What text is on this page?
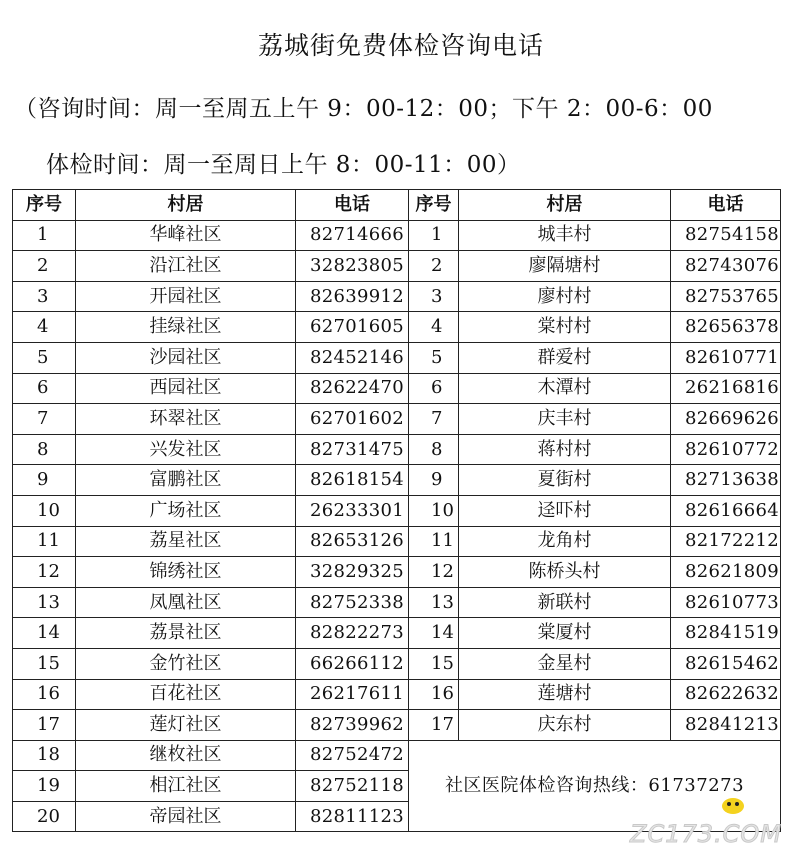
荔城街免费体检咨询电话
（咨询时间：周一至周五上午 9：00-12：00；下午 2：00-6：00
体检时间：周一至周日上午 8：00-11：00）
序号	村居	电话	序号	村居	电话
1	华峰社区	82714666	1	城丰村	82754158
2	沿江社区	32823805	2	廖隔塘村	82743076
3	开园社区	82639912	3	廖村村	82753765
4	挂绿社区	62701605	4	棠村村	82656378
5	沙园社区	82452146	5	群爱村	82610771
6	西园社区	82622470	6	木潭村	26216816
7	环翠社区	62701602	7	庆丰村	82669626
8	兴发社区	82731475	8	蒋村村	82610772
9	富鹏社区	82618154	9	夏街村	82713638
10	广场社区	26233301	10	迳吓村	82616664
11	荔星社区	82653126	11	龙角村	82172212
12	锦绣社区	32829325	12	陈桥头村	82621809
13	凤凰社区	82752338	13	新联村	82610773
14	荔景社区	82822273	14	棠厦村	82841519
15	金竹社区	66266112	15	金星村	82615462
16	百花社区	26217611	16	莲塘村	82622632
17	莲灯社区	82739962	17	庆东村	82841213
18	继枚社区	82752472	社区医院体检咨询热线：61737273		
19	相江社区	82752118			
20	帝园社区	82811123			
ZC173.COM
